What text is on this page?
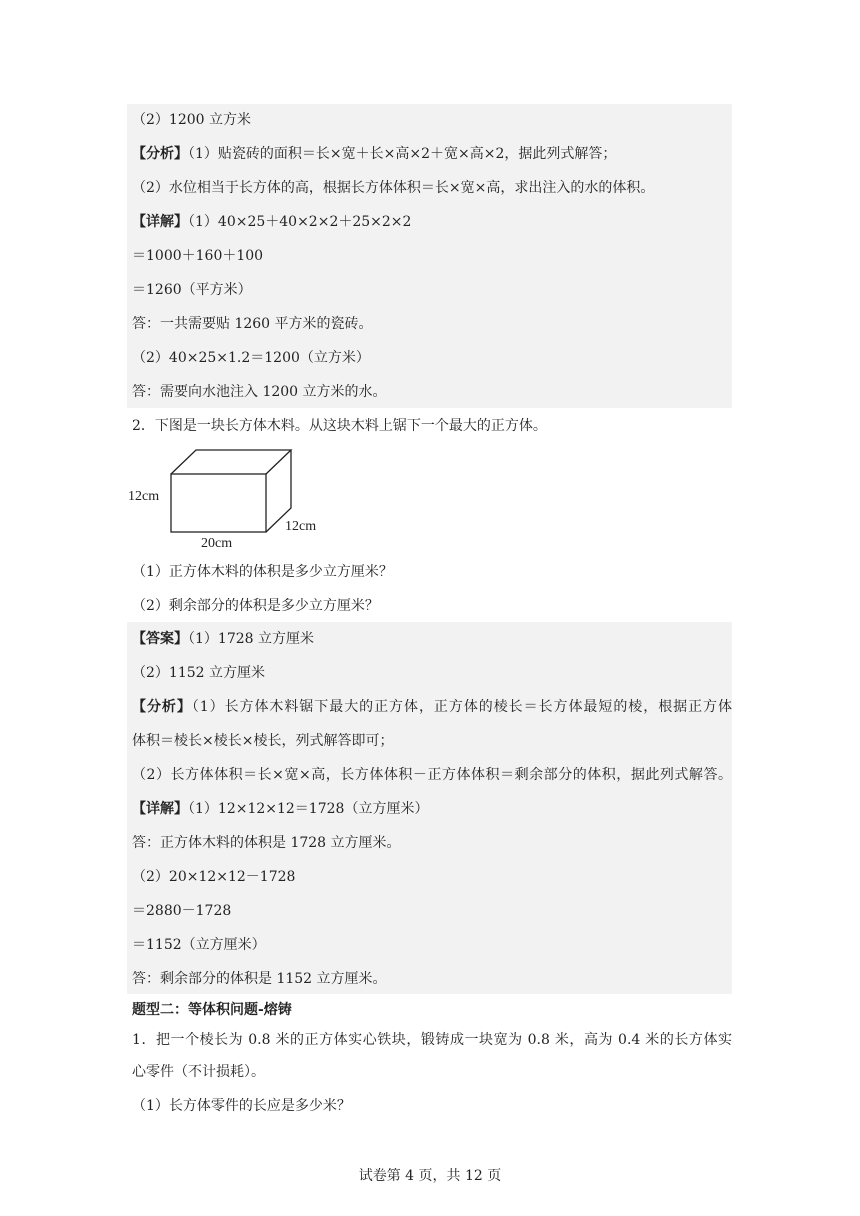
（2）1200 立方米
【分析】（1）贴瓷砖的面积＝长×宽＋长×高×2＋宽×高×2，据此列式解答；
（2）水位相当于长方体的高，根据长方体体积＝长×宽×高，求出注入的水的体积。
【详解】（1）40×25＋40×2×2＋25×2×2
＝1000＋160＋100
＝1260（平方米）
答：一共需要贴 1260 平方米的瓷砖。
（2）40×25×1.2＝1200（立方米）
答：需要向水池注入 1200 立方米的水。
2．下图是一块长方体木料。从这块木料上锯下一个最大的正方体。
12cm
12cm
20cm
（1）正方体木料的体积是多少立方厘米？
（2）剩余部分的体积是多少立方厘米？
【答案】（1）1728 立方厘米
（2）1152 立方厘米
【分析】（1）长方体木料锯下最大的正方体，正方体的棱长＝长方体最短的棱，根据正方体
体积＝棱长×棱长×棱长，列式解答即可；
（2）长方体体积＝长×宽×高，长方体体积－正方体体积＝剩余部分的体积，据此列式解答。
【详解】（1）12×12×12＝1728（立方厘米）
答：正方体木料的体积是 1728 立方厘米。
（2）20×12×12－1728
＝2880－1728
＝1152（立方厘米）
答：剩余部分的体积是 1152 立方厘米。
题型二：等体积问题-熔铸
1．把一个棱长为 0.8 米的正方体实心铁块，锻铸成一块宽为 0.8 米，高为 0.4 米的长方体实
心零件（不计损耗）。
（1）长方体零件的长应是多少米？
试卷第 4 页，共 12 页
